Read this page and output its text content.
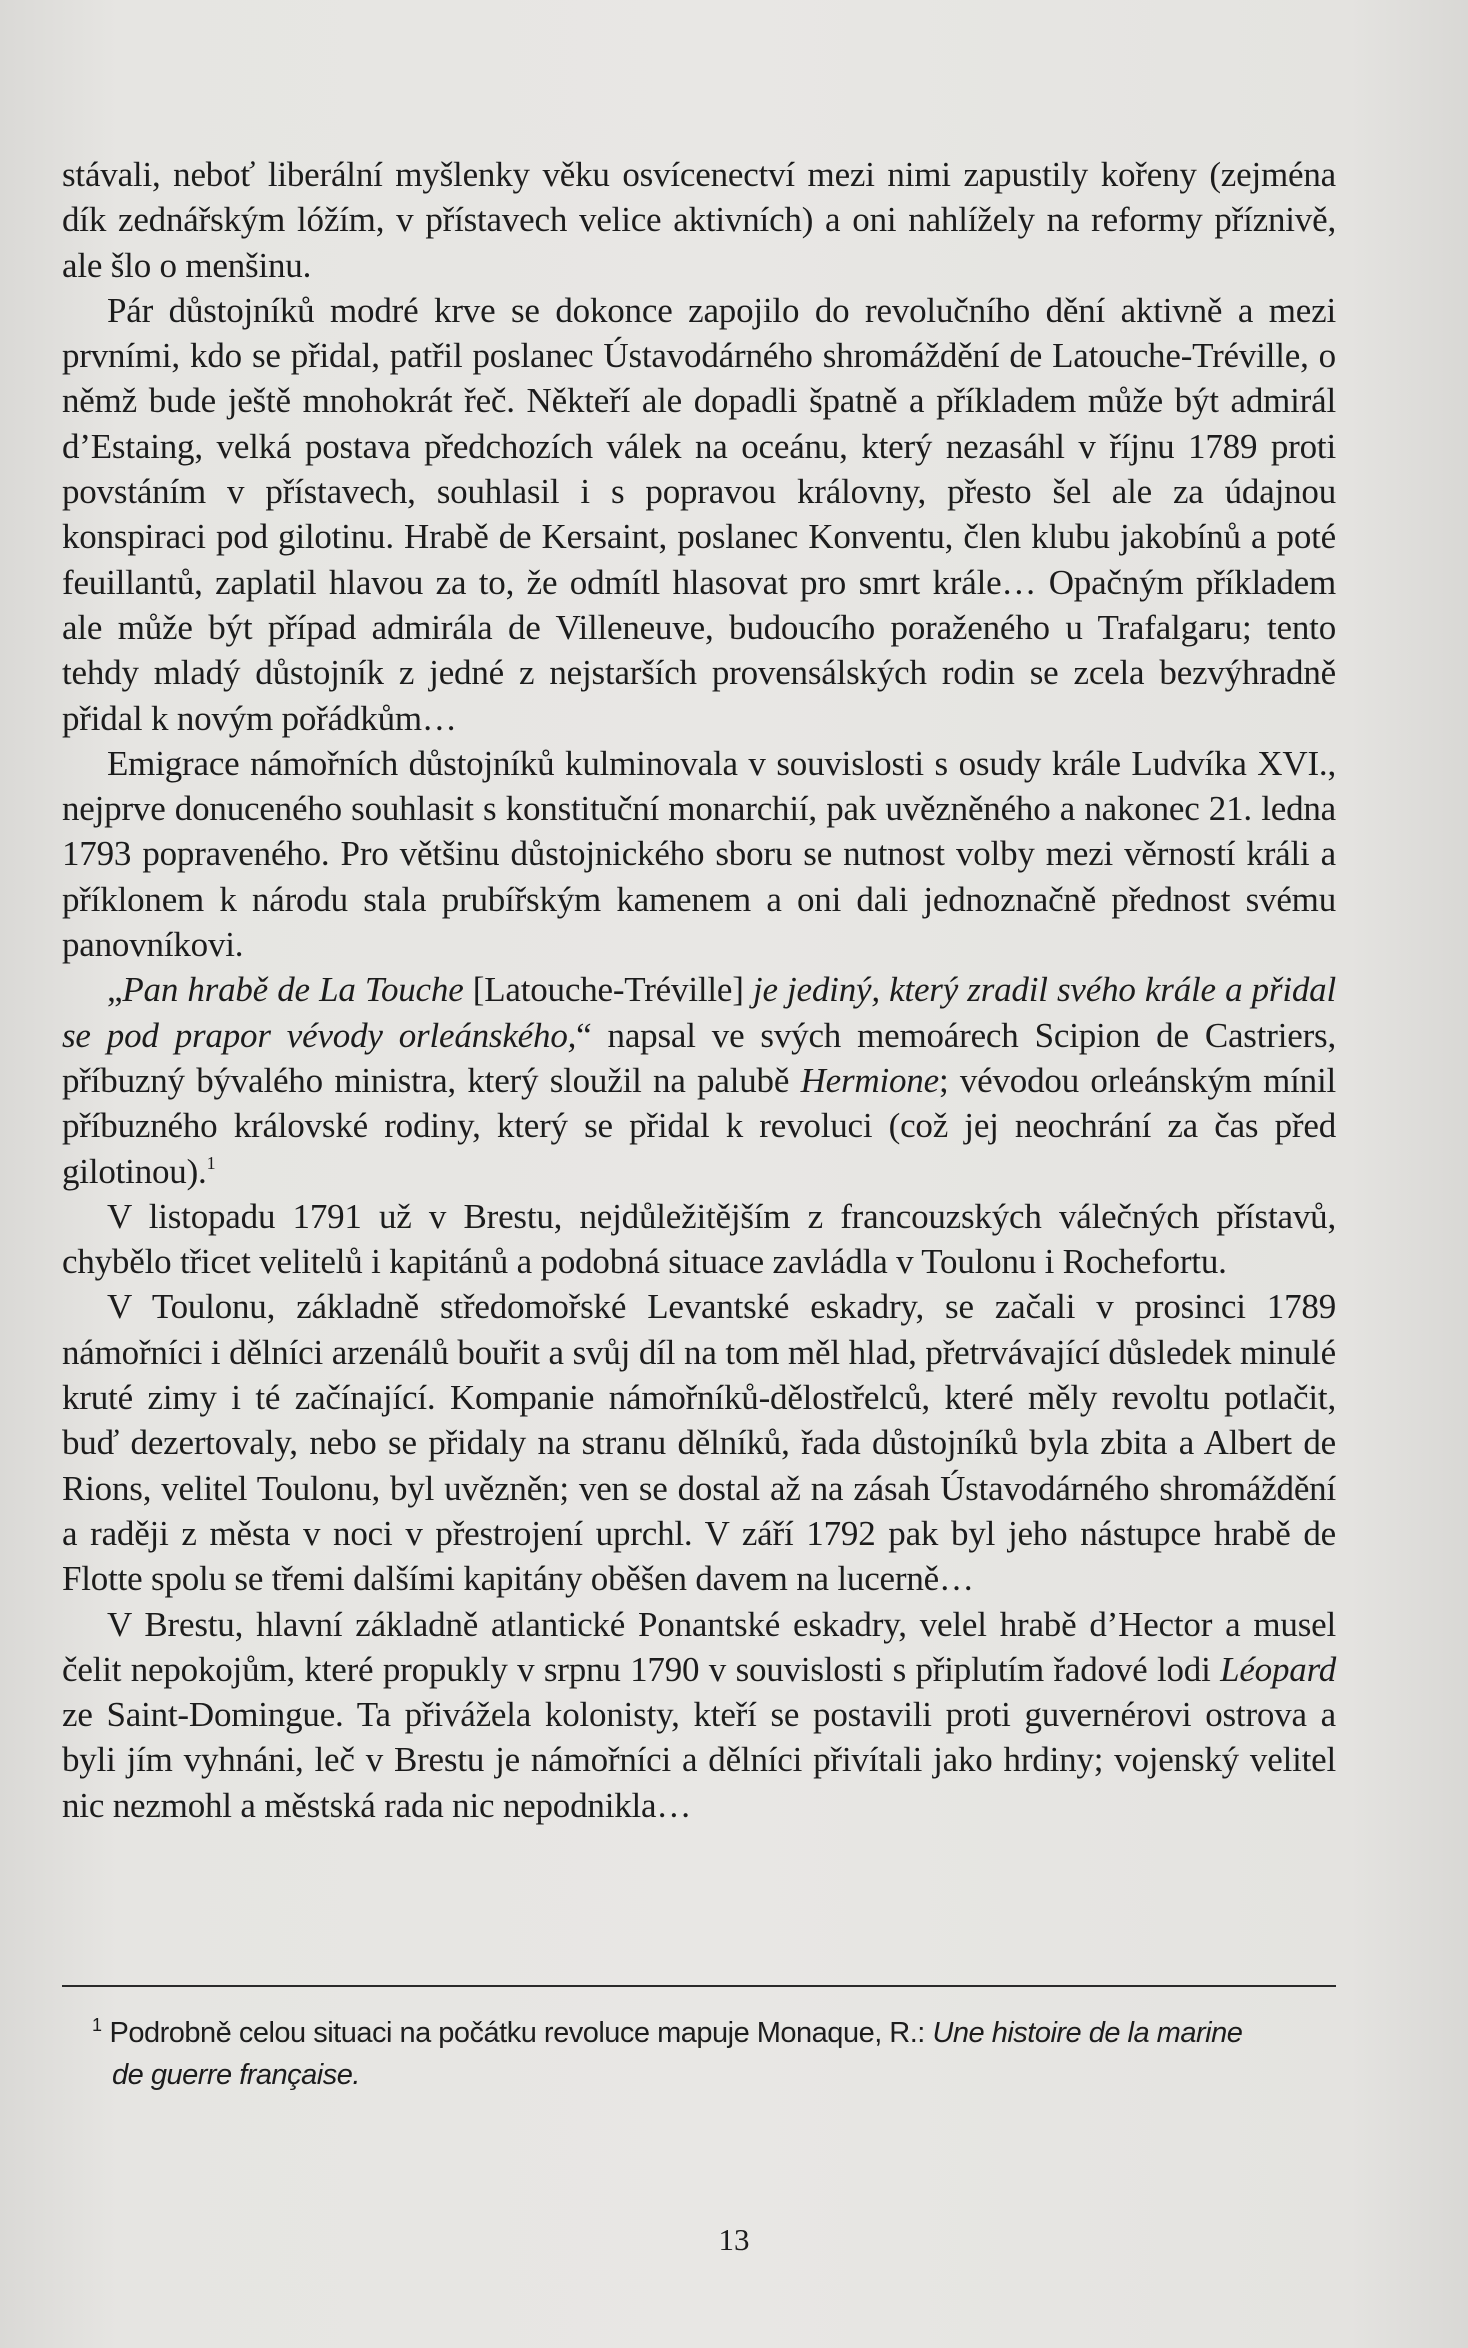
stávali, neboť liberální myšlenky věku osvícenectví mezi nimi zapustily kořeny (zejména dík zednářským lóžím, v přístavech velice aktivních) a oni nahlížely na reformy příznivě, ale šlo o menšinu.

Pár důstojníků modré krve se dokonce zapojilo do revolučního dění aktivně a mezi prvními, kdo se přidal, patřil poslanec Ústavodárného shromáždění de Latouche-Tréville, o němž bude ještě mnohokrát řeč. Někteří ale dopadli špatně a příkladem může být admirál d’Estaing, velká postava předchozích válek na oceánu, který nezasáhl v říjnu 1789 proti povstáním v přístavech, souhlasil i s popravou královny, přesto šel ale za údajnou konspiraci pod gilotinu. Hrabě de Kersaint, poslanec Konventu, člen klubu jakobínů a poté feuillantů, zaplatil hlavou za to, že odmítl hlasovat pro smrt krále… Opačným příkladem ale může být případ admirála de Villeneuve, budoucího poraženého u Trafalgaru; tento tehdy mladý důstojník z jedné z nejstarších provensálských rodin se zcela bezvýhradně přidal k novým pořádkům…

Emigrace námořních důstojníků kulminovala v souvislosti s osudy krále Ludvíka XVI., nejprve donuceného souhlasit s konstituční monarchií, pak uvězněného a nakonec 21. ledna 1793 popraveného. Pro většinu důstojnického sboru se nutnost volby mezi věrností králi a příklonem k národu stala prubířským kamenem a oni dali jednoznačně přednost svému panovníkovi.

„Pan hrabě de La Touche [Latouche-Tréville] je jediný, který zradil svého krále a přidal se pod prapor vévody orleánského,“ napsal ve svých memoárech Scipion de Castriers, příbuzný bývalého ministra, který sloužil na palubě Hermione; vévodou orleánským mínil příbuzného královské rodiny, který se přidal k revoluci (což jej neochrání za čas před gilotinou).$^1$

V listopadu 1791 už v Brestu, nejdůležitějším z francouzských válečných přístavů, chybělo třicet velitelů i kapitánů a podobná situace zavládla v Toulonu i Rochefortu.

V Toulonu, základně středomořské Levantské eskadry, se začali v prosinci 1789 námořníci i dělníci arzenálů bouřit a svůj díl na tom měl hlad, přetrvávající důsledek minulé kruté zimy i té začínající. Kompanie námořníků-dělostřelců, které měly revoltu potlačit, buď dezertovaly, nebo se přidaly na stranu dělníků, řada důstojníků byla zbita a Albert de Rions, velitel Toulonu, byl uvězněn; ven se dostal až na zásah Ústavodárného shromáždění a raději z města v noci v přestrojení uprchl. V září 1792 pak byl jeho nástupce hrabě de Flotte spolu se třemi dalšími kapitány oběšen davem na lucerně…

V Brestu, hlavní základně atlantické Ponantské eskadry, velel hrabě d’Hector a musel čelit nepokojům, které propukly v srpnu 1790 v souvislosti s připlutím řadové lodi Léopard ze Saint-Domingue. Ta přivážela kolonisty, kteří se postavili proti guvernérovi ostrova a byli jím vyhnáni, leč v Brestu je námořníci a dělníci přivítali jako hrdiny; vojenský velitel nic nezmohl a městská rada nic nepodnikla…

$^1$ Podrobně celou situaci na počátku revoluce mapuje Monaque, R.: Une histoire de la marine
de guerre française.
13
